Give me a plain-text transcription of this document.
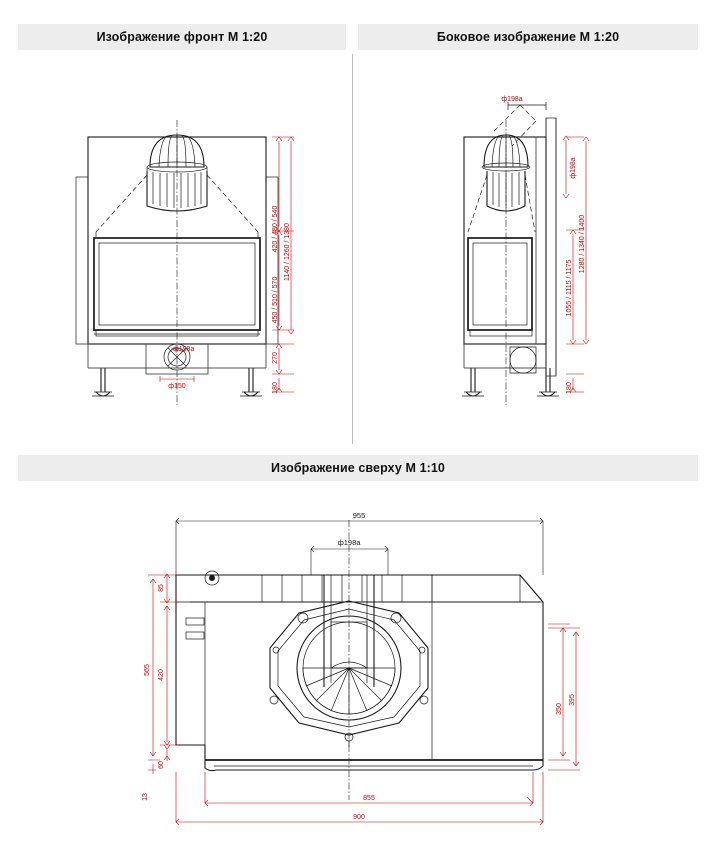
Изображение фронт M 1:20	Боковое изображение M 1:20
Изображение сверху M 1:10
420 / 480 / 540
450 / 510 / 570
270
1140 / 1260 / 1380
180
ф150
ф198a
ф198a
ф198a
1055 / 1115 / 1175
1280 / 1340 / 1400
180
955
ф198a
85
420
565
60
13
350
395
855
900
